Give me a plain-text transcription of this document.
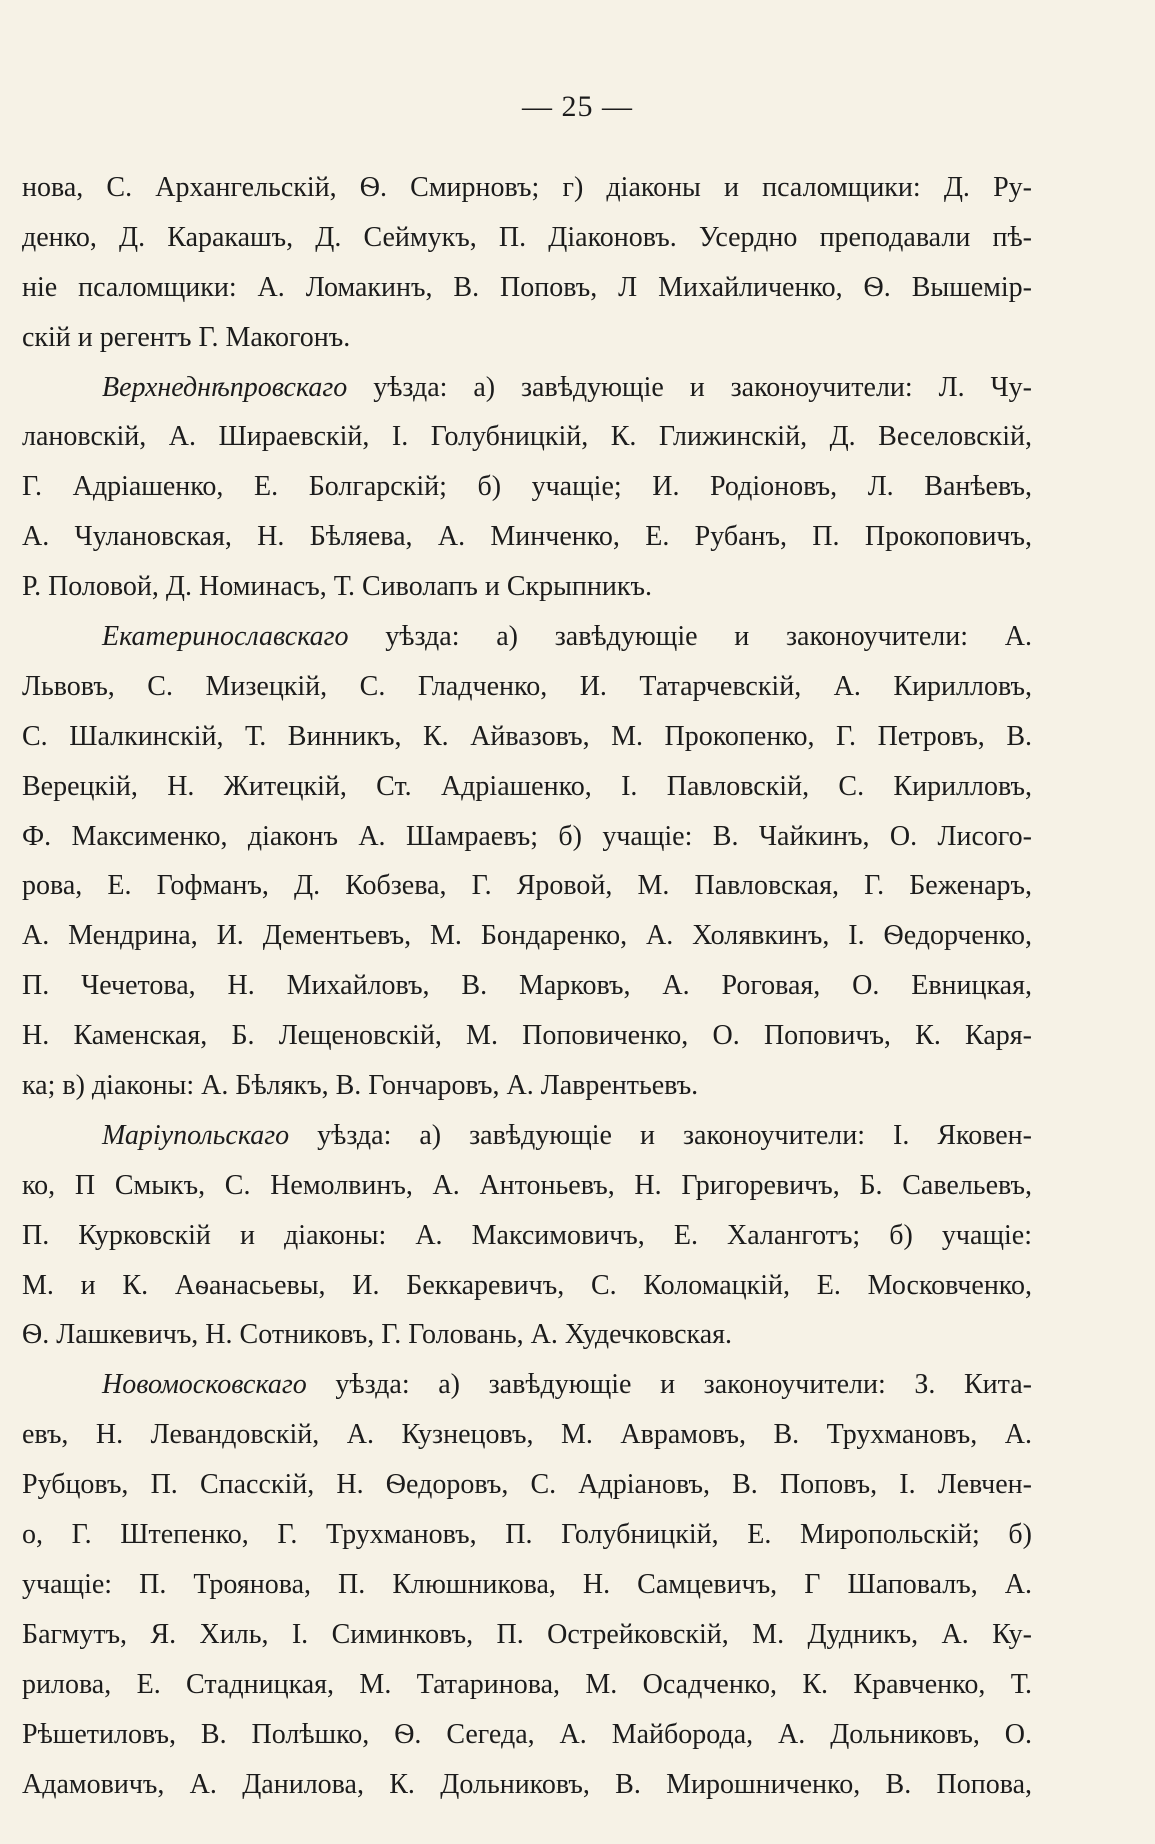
— 25 —
нова, С. Архангельскій, Ѳ. Смирновъ; г) діаконы и псаломщики: Д. Ру-
денко, Д. Каракашъ, Д. Сеймукъ, П. Діаконовъ. Усердно преподавали пѣ-
ніе псаломщики: А. Ломакинъ, В. Поповъ, Л Михайличенко, Ѳ. Вышемір-
скій и регентъ Г. Макогонъ.
Верхнеднѣпровскаго уѣзда: а) завѣдующіе и законоучители: Л. Чу-
лановскій, А. Шираевскій, І. Голубницкій, К. Глижинскій, Д. Веселовскій,
Г. Адріашенко, Е. Болгарскій; б) учащіе; И. Родіоновъ, Л. Ванѣевъ,
А. Чулановская, Н. Бѣляева, А. Минченко, Е. Рубанъ, П. Прокоповичъ,
Р. Половой, Д. Номинасъ, Т. Сиволапъ и Скрыпникъ.
Екатеринославскаго уѣзда: а) завѣдующіе и законоучители: А.
Львовъ, С. Мизецкій, С. Гладченко, И. Татарчевскій, А. Кирилловъ,
С. Шалкинскій, Т. Винникъ, К. Айвазовъ, М. Прокопенко, Г. Петровъ, В.
Верецкій, Н. Житецкій, Ст. Адріашенко, І. Павловскій, С. Кирилловъ,
Ф. Максименко, діаконъ А. Шамраевъ; б) учащіе: В. Чайкинъ, О. Лисого-
рова, Е. Гофманъ, Д. Кобзева, Г. Яровой, М. Павловская, Г. Беженаръ,
А. Мендрина, И. Дементьевъ, М. Бондаренко, А. Холявкинъ, І. Ѳедорченко,
П. Чечетова, Н. Михайловъ, В. Марковъ, А. Роговая, О. Евницкая,
Н. Каменская, Б. Лещеновскій, М. Поповиченко, О. Поповичъ, К. Каря-
ка; в) діаконы: А. Бѣлякъ, В. Гончаровъ, А. Лаврентьевъ.
Маріупольскаго уѣзда: а) завѣдующіе и законоучители: І. Яковен-
ко, П Смыкъ, С. Немолвинъ, А. Антоньевъ, Н. Григоревичъ, Б. Савельевъ,
П. Курковскій и діаконы: А. Максимовичъ, Е. Халанготъ; б) учащіе:
М. и К. Аѳанасьевы, И. Беккаревичъ, С. Коломацкій, Е. Московченко,
Ѳ. Лашкевичъ, Н. Сотниковъ, Г. Головань, А. Худечковская.
Новомосковскаго уѣзда: а) завѣдующіе и законоучители: З. Кита-
евъ, Н. Левандовскій, А. Кузнецовъ, М. Аврамовъ, В. Трухмановъ, А.
Рубцовъ, П. Спасскій, Н. Ѳедоровъ, С. Адріановъ, В. Поповъ, І. Левчен-
о, Г. Штепенко, Г. Трухмановъ, П. Голубницкій, Е. Миропольскій; б)
учащіе: П. Троянова, П. Клюшникова, Н. Самцевичъ, Г Шаповалъ, А.
Багмутъ, Я. Хиль, І. Симинковъ, П. Острейковскій, М. Дудникъ, А. Ку-
рилова, Е. Стадницкая, М. Татаринова, М. Осадченко, К. Кравченко, Т.
Рѣшетиловъ, В. Полѣшко, Ѳ. Сегеда, А. Майборода, А. Дольниковъ, О.
Адамовичъ, А. Данилова, К. Дольниковъ, В. Мирошниченко, В. Попова,
